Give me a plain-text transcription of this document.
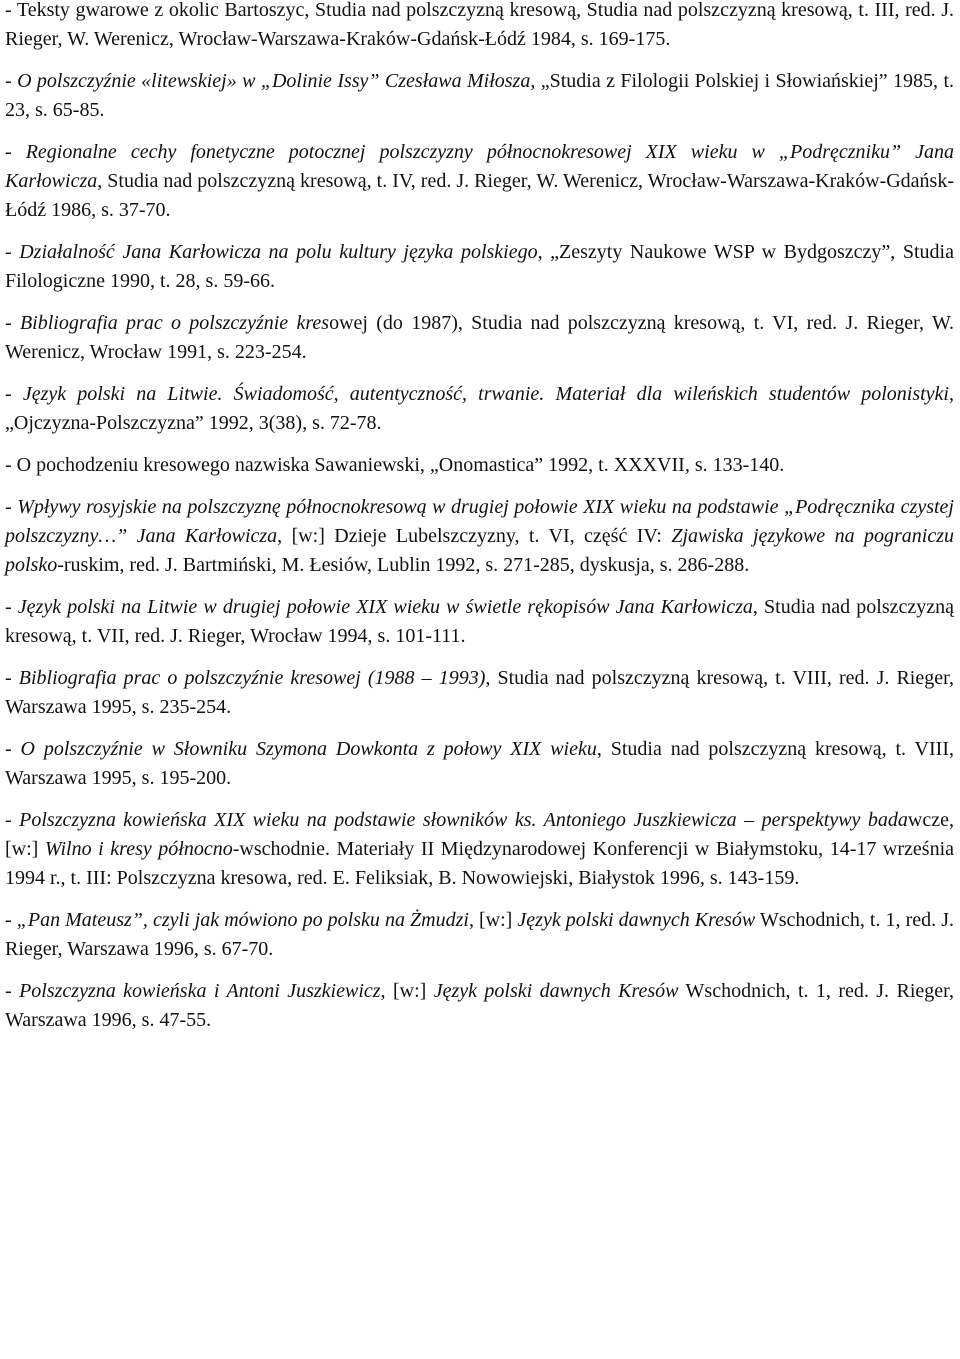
- Teksty gwarowe z okolic Bartoszyc, Studia nad polszczyzną kresową, Studia nad polszczyzną kresową, t. III, red. J. Rieger, W. Werenicz, Wrocław-Warszawa-Kraków-Gdańsk-Łódź 1984, s. 169-175.

- O polszczyźnie «litewskiej» w „Dolinie Issy” Czesława Miłosza, „Studia z Filologii Polskiej i Słowiańskiej” 1985, t. 23, s. 65-85.

- Regionalne cechy fonetyczne potocznej polszczyzny północnokresowej XIX wieku w „Podręczniku” Jana Karłowicza, Studia nad polszczyzną kresową, t. IV, red. J. Rieger, W. Werenicz, Wrocław-Warszawa-Kraków-Gdańsk-Łódź 1986, s. 37-70.

- Działalność Jana Karłowicza na polu kultury języka polskiego, „Zeszyty Naukowe WSP w Bydgoszczy”, Studia Filologiczne 1990, t. 28, s. 59-66.

- Bibliografia prac o polszczyźnie kresowej (do 1987), Studia nad polszczyzną kresową, t. VI, red. J. Rieger, W. Werenicz, Wrocław 1991, s. 223-254.

- Język polski na Litwie. Świadomość, autentyczność, trwanie. Materiał dla wileńskich studentów polonistyki, „Ojczyzna-Polszczyzna” 1992, 3(38), s. 72-78.

- O pochodzeniu kresowego nazwiska Sawaniewski, „Onomastica” 1992, t. XXXVII, s. 133-140.

- Wpływy rosyjskie na polszczyznę północnokresową w drugiej połowie XIX wieku na podstawie „Podręcznika czystej polszczyzny…” Jana Karłowicza, [w:] Dzieje Lubelszczyzny, t. VI, część IV: Zjawiska językowe na pograniczu polsko-ruskim, red. J. Bartmiński, M. Łesiów, Lublin 1992, s. 271-285, dyskusja, s. 286-288.

- Język polski na Litwie w drugiej połowie XIX wieku w świetle rękopisów Jana Karłowicza, Studia nad polszczyzną kresową, t. VII, red. J. Rieger, Wrocław 1994, s. 101-111.

- Bibliografia prac o polszczyźnie kresowej (1988 – 1993), Studia nad polszczyzną kresową, t. VIII, red. J. Rieger, Warszawa 1995, s. 235-254.

- O polszczyźnie w Słowniku Szymona Dowkonta z połowy XIX wieku, Studia nad polszczyzną kresową, t. VIII, Warszawa 1995, s. 195-200.

- Polszczyzna kowieńska XIX wieku na podstawie słowników ks. Antoniego Juszkiewicza – perspektywy badawcze, [w:] Wilno i kresy północno-wschodnie. Materiały II Międzynarodowej Konferencji w Białymstoku, 14-17 września 1994 r., t. III: Polszczyzna kresowa, red. E. Feliksiak, B. Nowowiejski, Białystok 1996, s. 143-159.

- „Pan Mateusz”, czyli jak mówiono po polsku na Żmudzi, [w:] Język polski dawnych Kresów Wschodnich, t. 1, red. J. Rieger, Warszawa 1996, s. 67-70.

- Polszczyzna kowieńska i Antoni Juszkiewicz, [w:] Język polski dawnych Kresów Wschodnich, t. 1, red. J. Rieger, Warszawa 1996, s. 47-55.
